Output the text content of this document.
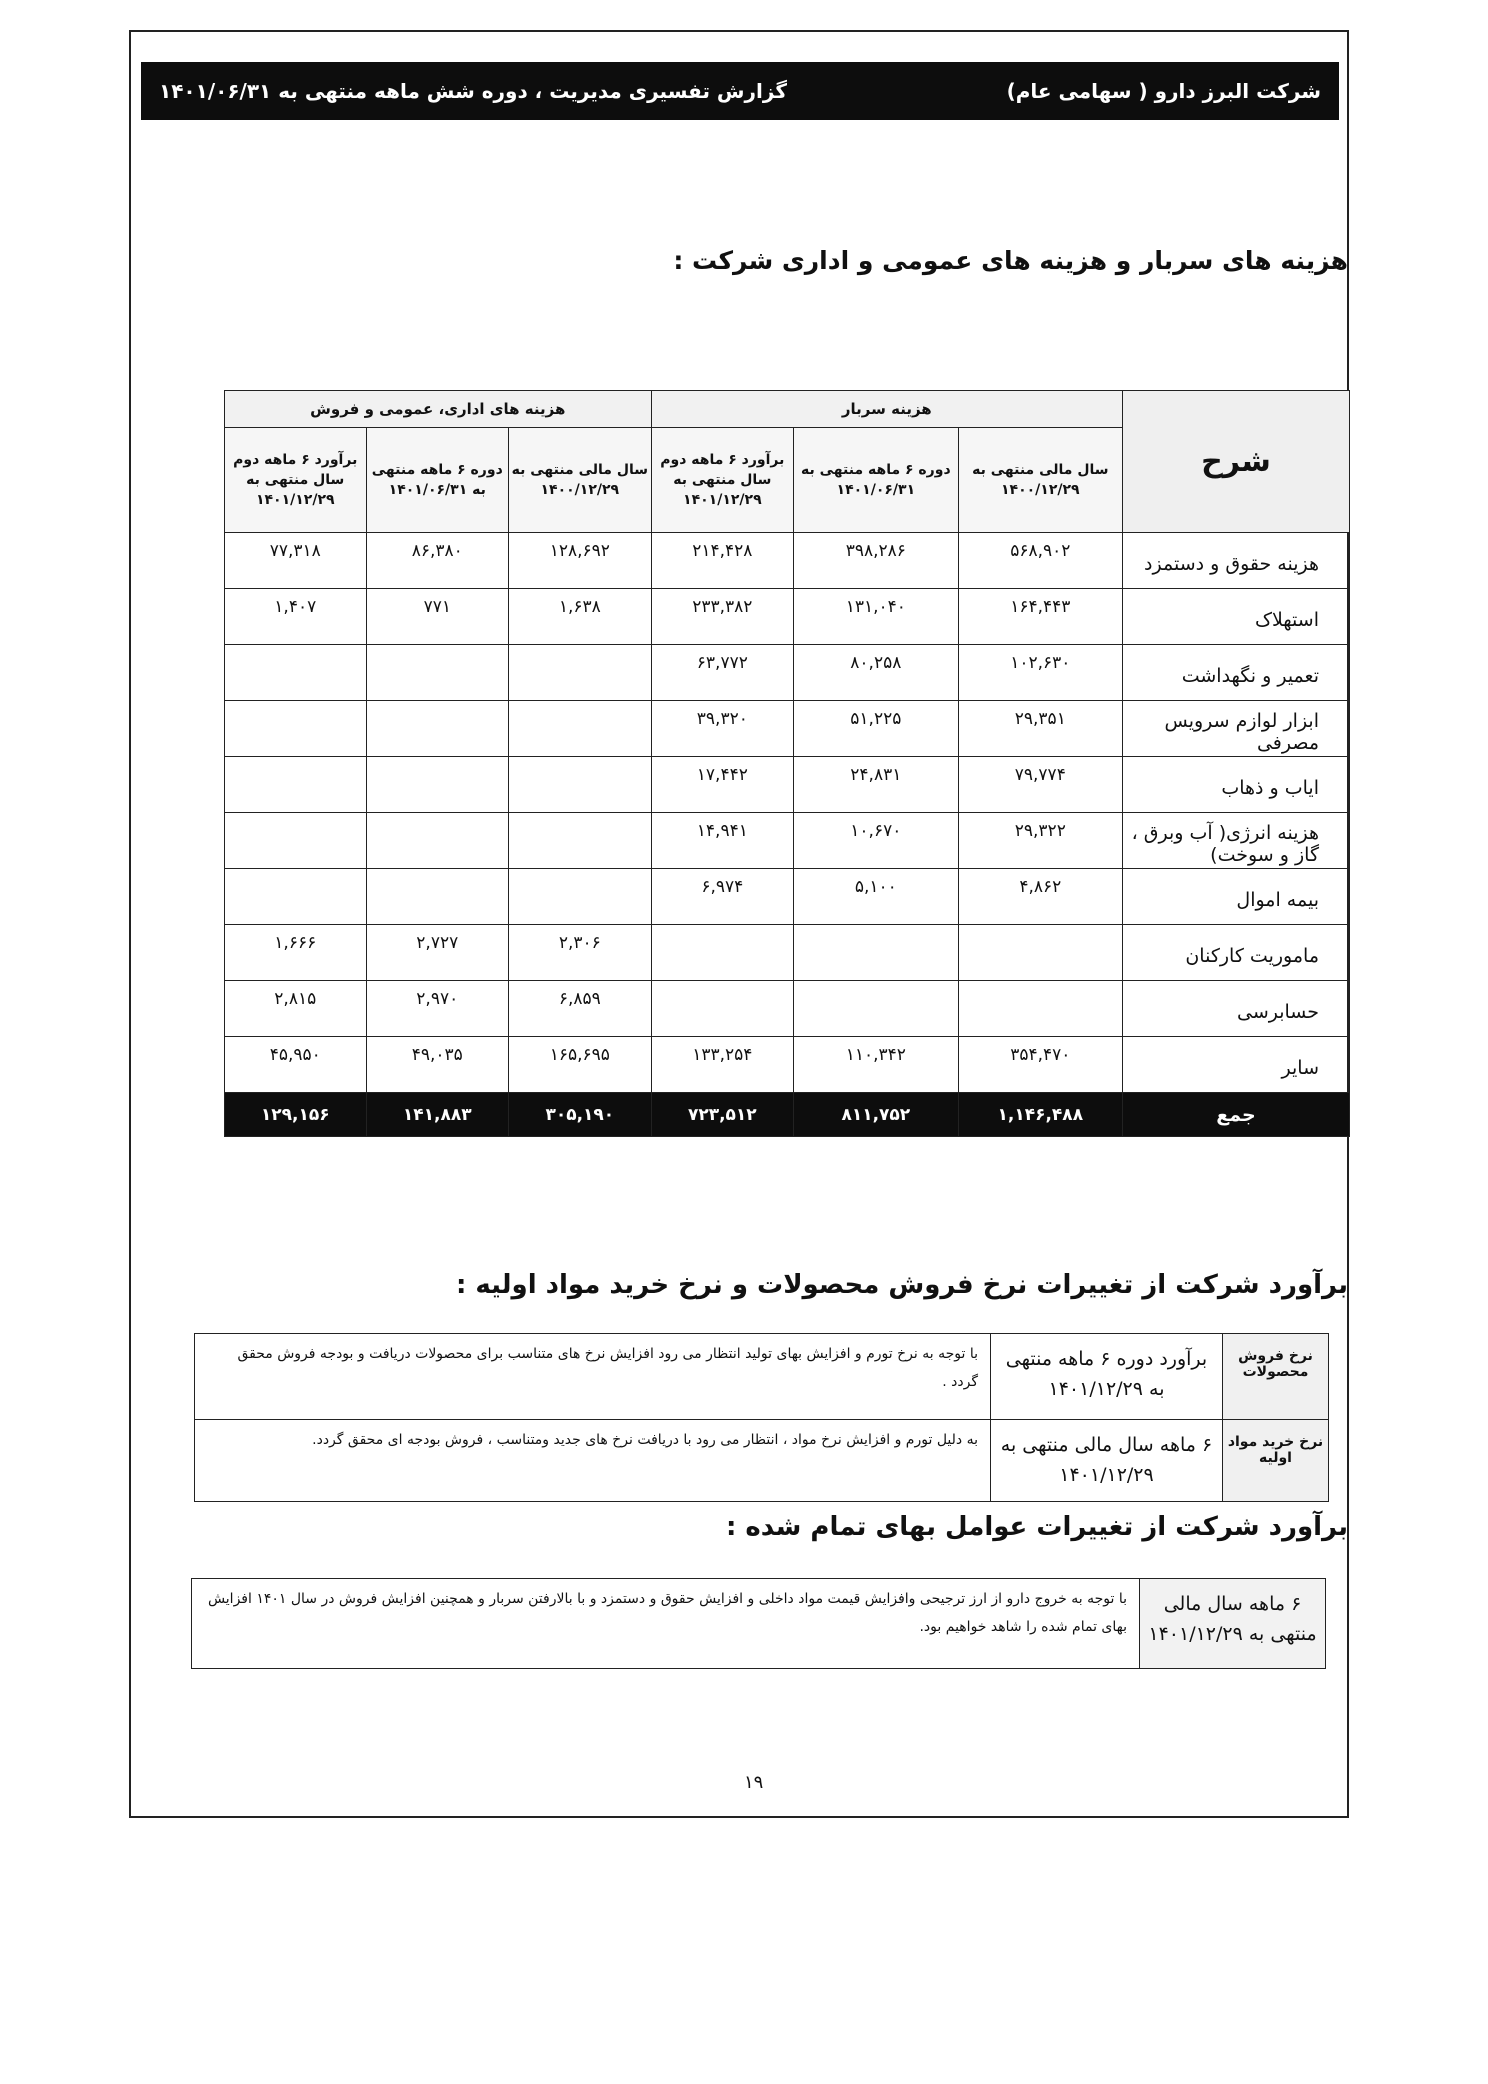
شرکت البرز دارو ( سهامی عام)
گزارش تفسیری مدیریت ، دوره شش ماهه منتهی به ۱۴۰۱/۰۶/۳۱
هزینه های سربار و هزینه های عمومی و اداری شرکت :
شرح	هزینه سربار			هزینه های اداری، عمومی و فروش		
	سال مالی منتهی به ۱۴۰۰/۱۲/۲۹	دوره ۶ ماهه منتهی به ۱۴۰۱/۰۶/۳۱	برآورد ۶ ماهه دوم سال منتهی به ۱۴۰۱/۱۲/۲۹	سال مالی منتهی به ۱۴۰۰/۱۲/۲۹	دوره ۶ ماهه منتهی به ۱۴۰۱/۰۶/۳۱	برآورد ۶ ماهه دوم سال منتهی به ۱۴۰۱/۱۲/۲۹
هزینه حقوق و دستمزد	۵۶۸,۹۰۲	۳۹۸,۲۸۶	۲۱۴,۴۲۸	۱۲۸,۶۹۲	۸۶,۳۸۰	۷۷,۳۱۸
استهلاک	۱۶۴,۴۴۳	۱۳۱,۰۴۰	۲۳۳,۳۸۲	۱,۶۳۸	۷۷۱	۱,۴۰۷
تعمیر و نگهداشت	۱۰۲,۶۳۰	۸۰,۲۵۸	۶۳,۷۷۲			
ابزار لوازم سرویس مصرفی	۲۹,۳۵۱	۵۱,۲۲۵	۳۹,۳۲۰			
ایاب و ذهاب	۷۹,۷۷۴	۲۴,۸۳۱	۱۷,۴۴۲			
هزینه انرژی( آب وبرق ، گاز و سوخت)	۲۹,۳۲۲	۱۰,۶۷۰	۱۴,۹۴۱			
بیمه اموال	۴,۸۶۲	۵,۱۰۰	۶,۹۷۴			
ماموریت کارکنان				۲,۳۰۶	۲,۷۲۷	۱,۶۶۶
حسابرسی				۶,۸۵۹	۲,۹۷۰	۲,۸۱۵
سایر	۳۵۴,۴۷۰	۱۱۰,۳۴۲	۱۳۳,۲۵۴	۱۶۵,۶۹۵	۴۹,۰۳۵	۴۵,۹۵۰
جمع	۱,۱۴۶,۴۸۸	۸۱۱,۷۵۲	۷۲۳,۵۱۲	۳۰۵,۱۹۰	۱۴۱,۸۸۳	۱۲۹,۱۵۶
برآورد شرکت از تغییرات نرخ فروش محصولات و نرخ خرید مواد اولیه :
نرخ فروش محصولات	برآورد دوره ۶ ماهه منتهی به ۱۴۰۱/۱۲/۲۹	با توجه به نرخ تورم و افزایش بهای تولید انتظار می رود افزایش نرخ های متناسب برای محصولات دریافت و بودجه فروش محقق گردد .
نرخ خرید مواد اولیه	۶ ماهه سال مالی منتهی به ۱۴۰۱/۱۲/۲۹	به دلیل تورم و افزایش نرخ مواد ، انتظار می رود با دریافت نرخ های جدید ومتناسب ، فروش بودجه ای محقق گردد.
برآورد شرکت از تغییرات عوامل بهای تمام شده :
۶ ماهه سال مالی منتهی به ۱۴۰۱/۱۲/۲۹	با توجه به خروج دارو از ارز ترجیحی وافزایش قیمت مواد داخلی و افزایش حقوق و دستمزد و با بالارفتن سربار و همچنین افزایش فروش در سال ۱۴۰۱ افزایش بهای تمام شده را شاهد خواهیم بود.
۱۹
